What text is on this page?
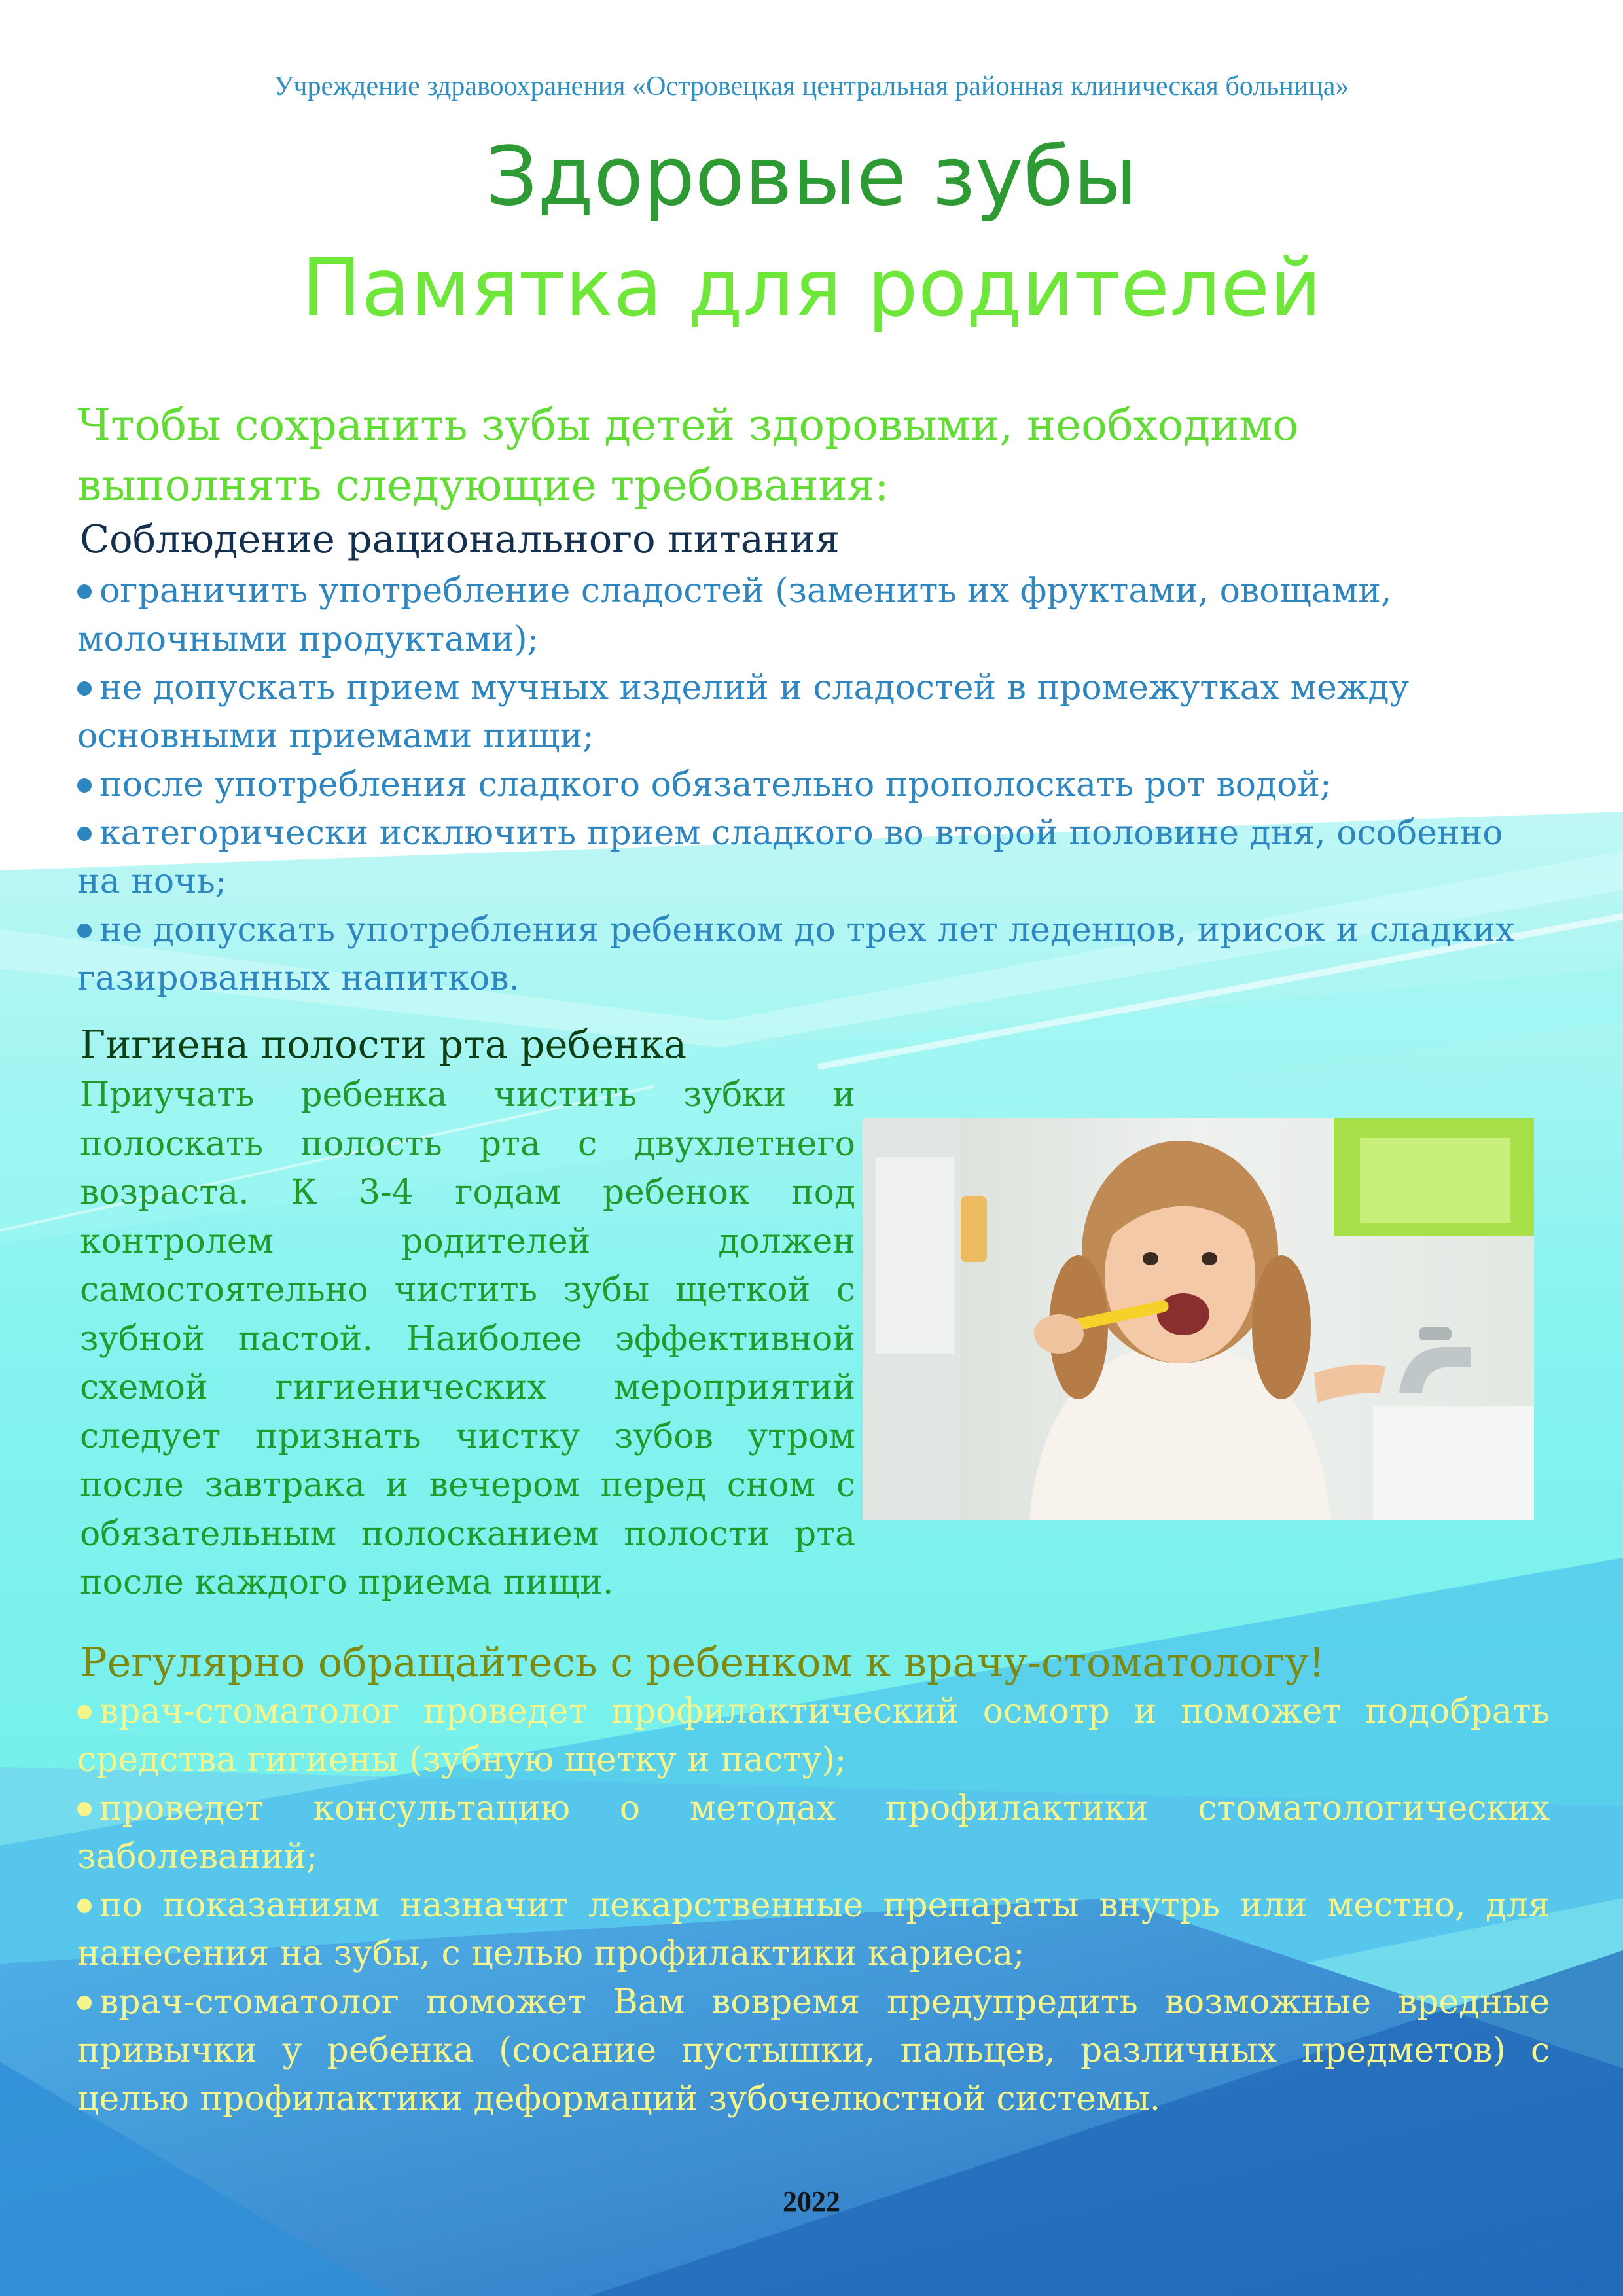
Учреждение здравоохранения «Островецкая центральная районная клиническая больница»
Здоровые зубы
Памятка для родителей
Чтобы сохранить зубы детей здоровыми, необходимо выполнять следующие требования:
Соблюдение рационального питания
ограничить употребление сладостей (заменить их фруктами, овощами, молочными продуктами);
не допускать прием мучных изделий и сладостей в промежутках между основными приемами пищи;
после употребления сладкого обязательно прополоскать рот водой;
категорически исключить прием сладкого во второй половине дня, особенно на ночь;
не допускать употребления ребенком до трех лет леденцов, ирисок и сладких газированных напитков.
Гигиена полости рта ребенка
Приучать ребенка чистить зубки и полоскать полость рта с двухлетнего возраста. К 3-4 годам ребенок под контролем родителей должен самостоятельно чистить зубы щеткой с зубной пастой. Наиболее эффективной схемой гигиенических мероприятий следует признать чистку зубов утром после завтрака и вечером перед сном с обязательным полосканием полости рта после каждого приема пищи.
Регулярно обращайтесь с ребенком к врачу-стоматологу!
врач-стоматолог проведет профилактический осмотр и поможет подобрать средства гигиены (зубную щетку и пасту);
проведет консультацию о методах профилактики стоматологических заболеваний;
по показаниям назначит лекарственные препараты внутрь или местно, для нанесения на зубы, с целью профилактики кариеса;
врач-стоматолог поможет Вам вовремя предупредить возможные вредные привычки у ребенка (сосание пустышки, пальцев, различных предметов) с целью профилактики деформаций зубочелюстной системы.
2022
